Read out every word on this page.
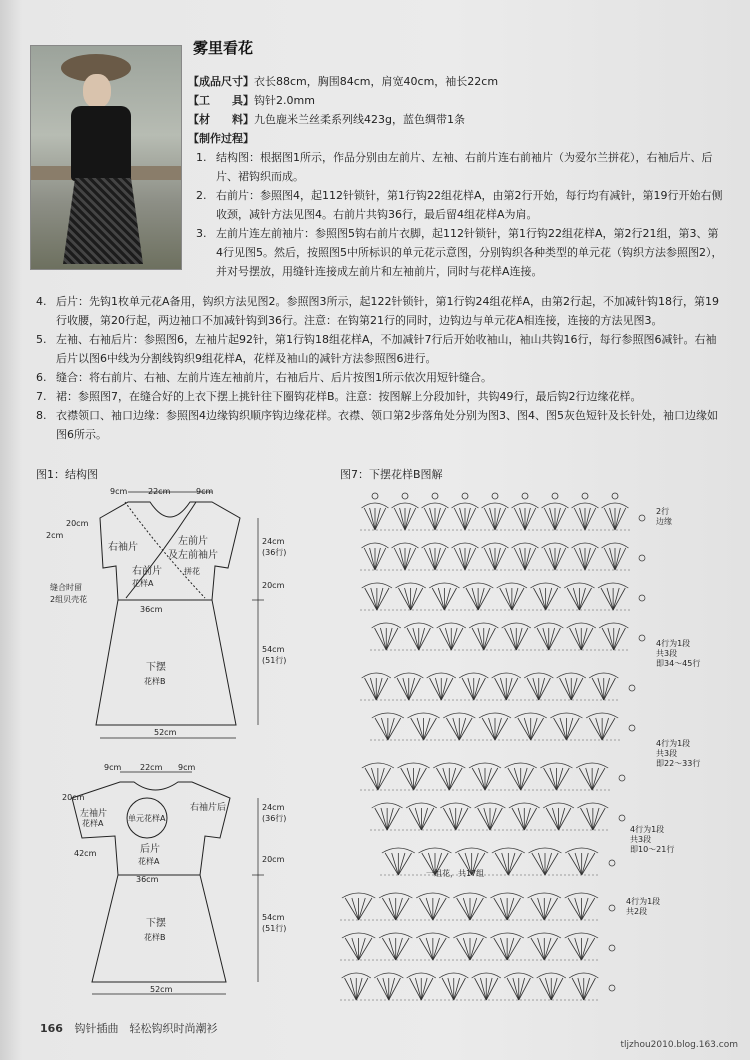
雾里看花
【成品尺寸】衣长88cm，胸围84cm，肩宽40cm，袖长22cm
【工　　具】钩针2.0mm
【材　　料】九色鹿米兰丝柔系列线423g，蓝色绸带1条
【制作过程】
1. 结构图：根据图1所示，作品分别由左前片、左袖、右前片连右前袖片（为爱尔兰拼花），右袖后片、后片、裙钩织而成。
2. 右前片：参照图4，起112针锁针，第1行钩22组花样A，由第2行开始，每行均有减针，第19行开始右侧收颈，减针方法见图4。右前片共钩36行，最后留4组花样A为肩。
3. 左前片连左前袖片：参照图5钩右前片衣脚，起112针锁针，第1行钩22组花样A，第2行21组，第3、第4行见图5。然后，按照图5中所标识的单元花示意图，分别钩织各种类型的单元花（钩织方法参照图2），并对号摆放，用缝针连接成左前片和左袖前片，同时与花样A连接。
4. 后片：先钩1枚单元花A备用，钩织方法见图2。参照图3所示，起122针锁针，第1行钩24组花样A，由第2行起，不加减针钩18行，第19行收腰，第20行起，两边袖口不加减针钩到36行。注意：在钩第21行的同时，边钩边与单元花A相连接，连接的方法见图3。
5. 左袖、右袖后片：参照图6，左袖片起92针，第1行钩18组花样A，不加减针7行后开始收袖山，袖山共钩16行，每行参照图6减针。右袖后片以图6中线为分割线钩织9组花样A，花样及袖山的减针方法参照图6进行。
6. 缝合：将右前片、右袖、左前片连左袖前片，右袖后片、后片按图1所示依次用短针缝合。
7. 裙：参照图7，在缝合好的上衣下摆上挑针往下圈钩花样B。注意：按图解上分段加针，共钩49行，最后钩2行边缘花样。
8. 衣襟领口、袖口边缘：参照图4边缘钩织顺序钩边缘花样。衣襟、领口第2步落角处分别为图3、图4、图5灰色短针及长针处，袖口边缘如图6所示。
图1：结构图	图7：下摆花样B图解
9cm	22cm	9cm
2cm
20cm
右袖片
左前片
及左前袖片
拼花
右前片
花样A
缝合时留
2组贝壳花
36cm
下摆
花样B
52cm
24cm
(36行)
20cm
54cm
(51行)
9cm 22cm 9cm
20cm
左袖片
花样A
右袖片后
单元花样A
后片
花样A
42cm
36cm
下摆
花样B
52cm
24cm
(36行)
20cm
54cm
(51行)
2行
边缘
4行为1段
共3段
即34～45行
4行为1段
共3段
即22～33行
4行为1段
共3段
即10～21行
4行为1段
共2段
一组花，共17组
166 钩针插曲　轻松钩织时尚潮衫
tljzhou2010.blog.163.com
